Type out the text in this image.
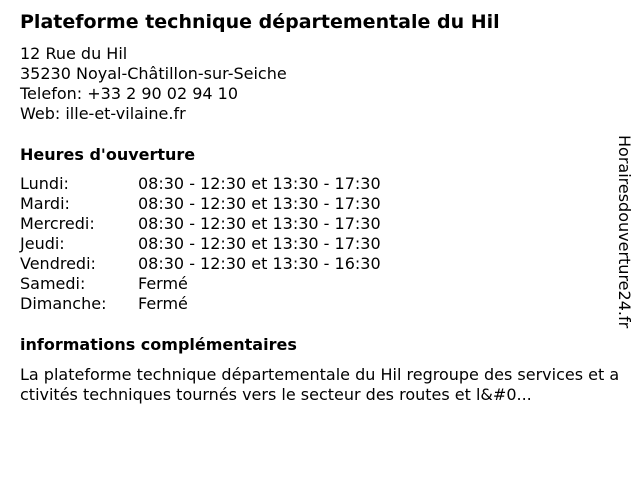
Plateforme technique départementale du Hil
12 Rue du Hil
35230 Noyal-Châtillon-sur-Seiche
Telefon: +33 2 90 02 94 10
Web: ille-et-vilaine.fr
Heures d'ouverture
Lundi:	08:30 - 12:30 et 13:30 - 17:30
Mardi:	08:30 - 12:30 et 13:30 - 17:30
Mercredi:	08:30 - 12:30 et 13:30 - 17:30
Jeudi:	08:30 - 12:30 et 13:30 - 17:30
Vendredi:	08:30 - 12:30 et 13:30 - 16:30
Samedi:	Fermé
Dimanche: Fermé
informations complémentaires
La plateforme technique départementale du Hil regroupe des services et activités techniques tournés vers le secteur des routes et l&#0...
Horairesdouverture24.fr
